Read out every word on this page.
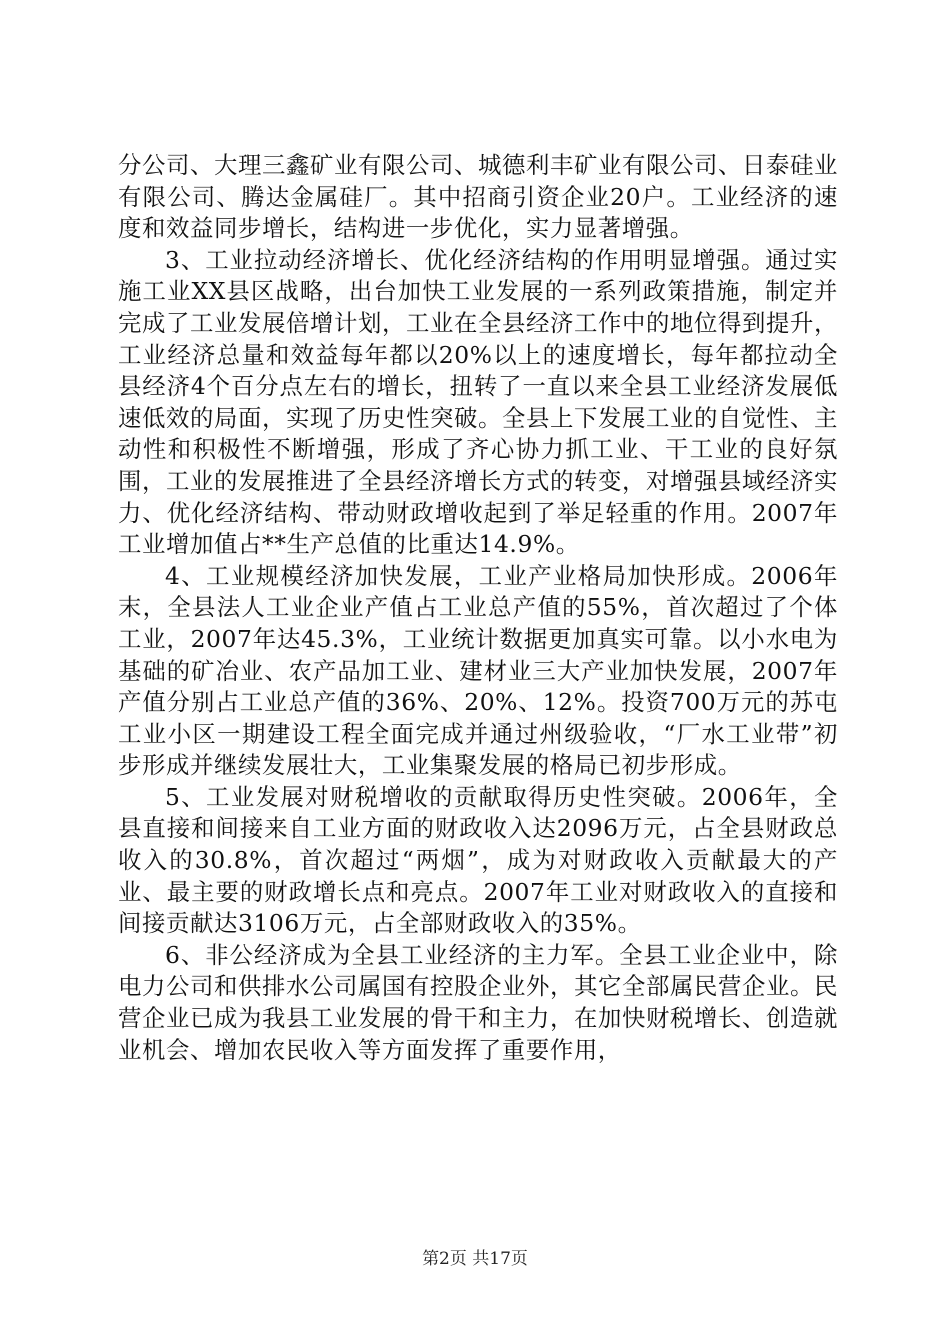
分公司、大理三鑫矿业有限公司、城德利丰矿业有限公司、日泰硅业有限公司、腾达金属硅厂。其中招商引资企业20户。工业经济的速度和效益同步增长，结构进一步优化，实力显著增强。

3、工业拉动经济增长、优化经济结构的作用明显增强。通过实施工业XX县区战略，出台加快工业发展的一系列政策措施，制定并完成了工业发展倍增计划，工业在全县经济工作中的地位得到提升，工业经济总量和效益每年都以20%以上的速度增长，每年都拉动全县经济4个百分点左右的增长，扭转了一直以来全县工业经济发展低速低效的局面，实现了历史性突破。全县上下发展工业的自觉性、主动性和积极性不断增强，形成了齐心协力抓工业、干工业的良好氛围，工业的发展推进了全县经济增长方式的转变，对增强县域经济实力、优化经济结构、带动财政增收起到了举足轻重的作用。2007年工业增加值占**生产总值的比重达14.9%。

4、工业规模经济加快发展，工业产业格局加快形成。2006年末，全县法人工业企业产值占工业总产值的55%，首次超过了个体工业，2007年达45.3%，工业统计数据更加真实可靠。以小水电为基础的矿冶业、农产品加工业、建材业三大产业加快发展，2007年产值分别占工业总产值的36%、20%、12%。投资700万元的苏屯工业小区一期建设工程全面完成并通过州级验收，“厂水工业带”初步形成并继续发展壮大，工业集聚发展的格局已初步形成。

5、工业发展对财税增收的贡献取得历史性突破。2006年，全县直接和间接来自工业方面的财政收入达2096万元，占全县财政总收入的30.8%，首次超过“两烟”，成为对财政收入贡献最大的产业、最主要的财政增长点和亮点。2007年工业对财政收入的直接和间接贡献达3106万元，占全部财政收入的35%。

6、非公经济成为全县工业经济的主力军。全县工业企业中，除电力公司和供排水公司属国有控股企业外，其它全部属民营企业。民营企业已成为我县工业发展的骨干和主力，在加快财税增长、创造就业机会、增加农民收入等方面发挥了重要作用，

第2页 共17页
